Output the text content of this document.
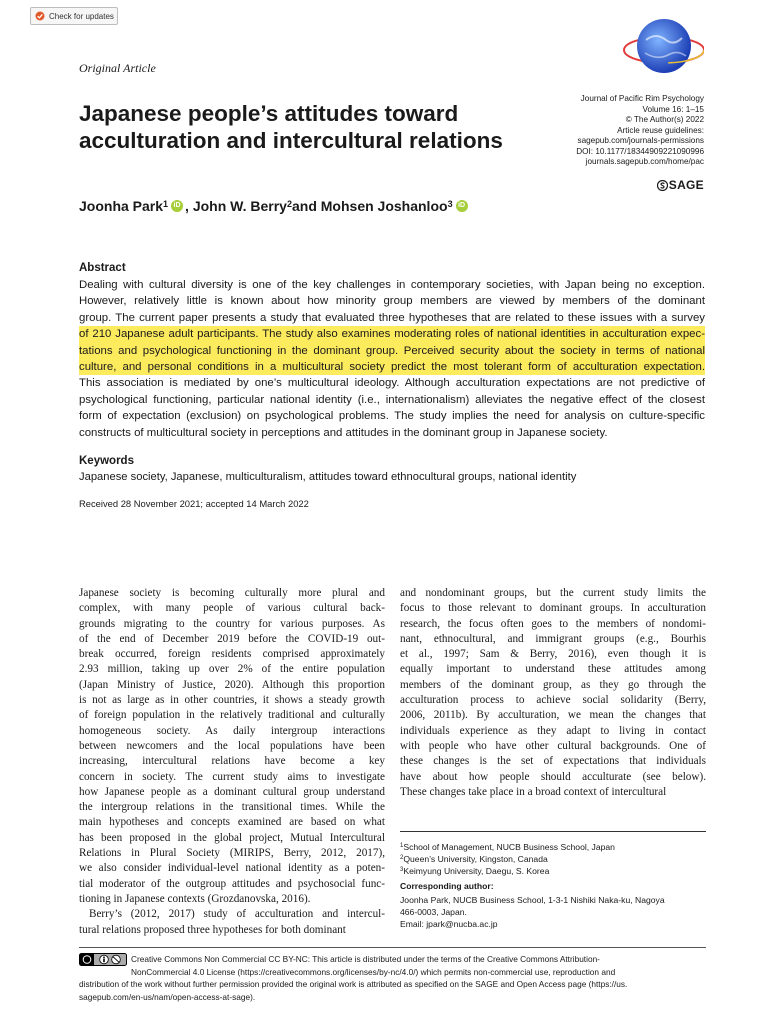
Check for updates
Original Article
Japanese people’s attitudes toward
acculturation and intercultural relations
Journal of Pacific Rim Psychology
Volume 16: 1–15
© The Author(s) 2022
Article reuse guidelines:
sagepub.com/journals-permissions
DOI: 10.1177/18344909221090996
journals.sagepub.com/home/pac
SAGE
Joonha Park$^1$ iD ,
John W. Berry$^2$ and
Mohsen Joshanloo$^3$ iD
Abstract
Dealing with cultural diversity is one of the key challenges in contemporary societies, with Japan being no exception.
However, relatively little is known about how minority group members are viewed by members of the dominant
group. The current paper presents a study that evaluated three hypotheses that are related to these issues with a survey
of 210 Japanese adult participants. The study also examines moderating roles of national identities in acculturation expec-
tations and psychological functioning in the dominant group. Perceived security about the society in terms of national
culture, and personal conditions in a multicultural society predict the most tolerant form of acculturation expectation.
This association is mediated by one’s multicultural ideology. Although acculturation expectations are not predictive of
psychological functioning, particular national identity (i.e., internationalism) alleviates the negative effect of the closest
form of expectation (exclusion) on psychological problems. The study implies the need for analysis on culture-specific
constructs of multicultural society in perceptions and attitudes in the dominant group in Japanese society.
Keywords
Japanese society, Japanese, multiculturalism, attitudes toward ethnocultural groups, national identity
Received 28 November 2021; accepted 14 March 2022
Japanese society is becoming culturally more plural and
complex, with many people of various cultural back-
grounds migrating to the country for various purposes. As
of the end of December 2019 before the COVID-19 out-
break occurred, foreign residents comprised approximately
2.93 million, taking up over 2% of the entire population
(Japan Ministry of Justice, 2020). Although this proportion
is not as large as in other countries, it shows a steady growth
of foreign population in the relatively traditional and culturally
homogeneous society. As daily intergroup interactions
between newcomers and the local populations have been
increasing, intercultural relations have become a key
concern in society. The current study aims to investigate
how Japanese people as a dominant cultural group understand
the intergroup relations in the transitional times. While the
main hypotheses and concepts examined are based on what
has been proposed in the global project, Mutual Intercultural
Relations in Plural Society (MIRIPS, Berry, 2012, 2017),
we also consider individual-level national identity as a poten-
tial moderator of the outgroup attitudes and psychosocial func-
tioning in Japanese contexts (Grozdanovska, 2016).
Berry’s (2012, 2017) study of acculturation and intercul-
tural relations proposed three hypotheses for both dominant
and nondominant groups, but the current study limits the
focus to those relevant to dominant groups. In acculturation
research, the focus often goes to the members of nondomi-
nant, ethnocultural, and immigrant groups (e.g., Bourhis
et al., 1997; Sam & Berry, 2016), even though it is
equally important to understand these attitudes among
members of the dominant group, as they go through the
acculturation process to achieve social solidarity (Berry,
2006, 2011b). By acculturation, we mean the changes that
individuals experience as they adapt to living in contact
with people who have other cultural backgrounds. One of
these changes is the set of expectations that individuals
have about how people should acculturate (see below).
These changes take place in a broad context of intercultural
$^1$School of Management, NUCB Business School, Japan
$^2$Queen’s University, Kingston, Canada
$^3$Keimyung University, Daegu, S. Korea
Corresponding author:
Joonha Park, NUCB Business School, 1-3-1 Nishiki Naka-ku, Nagoya
466-0003, Japan.
Email: jpark@nucba.ac.jp
Creative Commons Non Commercial CC BY-NC: This article is distributed under the terms of the Creative Commons Attribution-
NonCommercial 4.0 License (https://creativecommons.org/licenses/by-nc/4.0/) which permits non-commercial use, reproduction and
distribution of the work without further permission provided the original work is attributed as specified on the SAGE and Open Access page (https://us.
sagepub.com/en-us/nam/open-access-at-sage).
